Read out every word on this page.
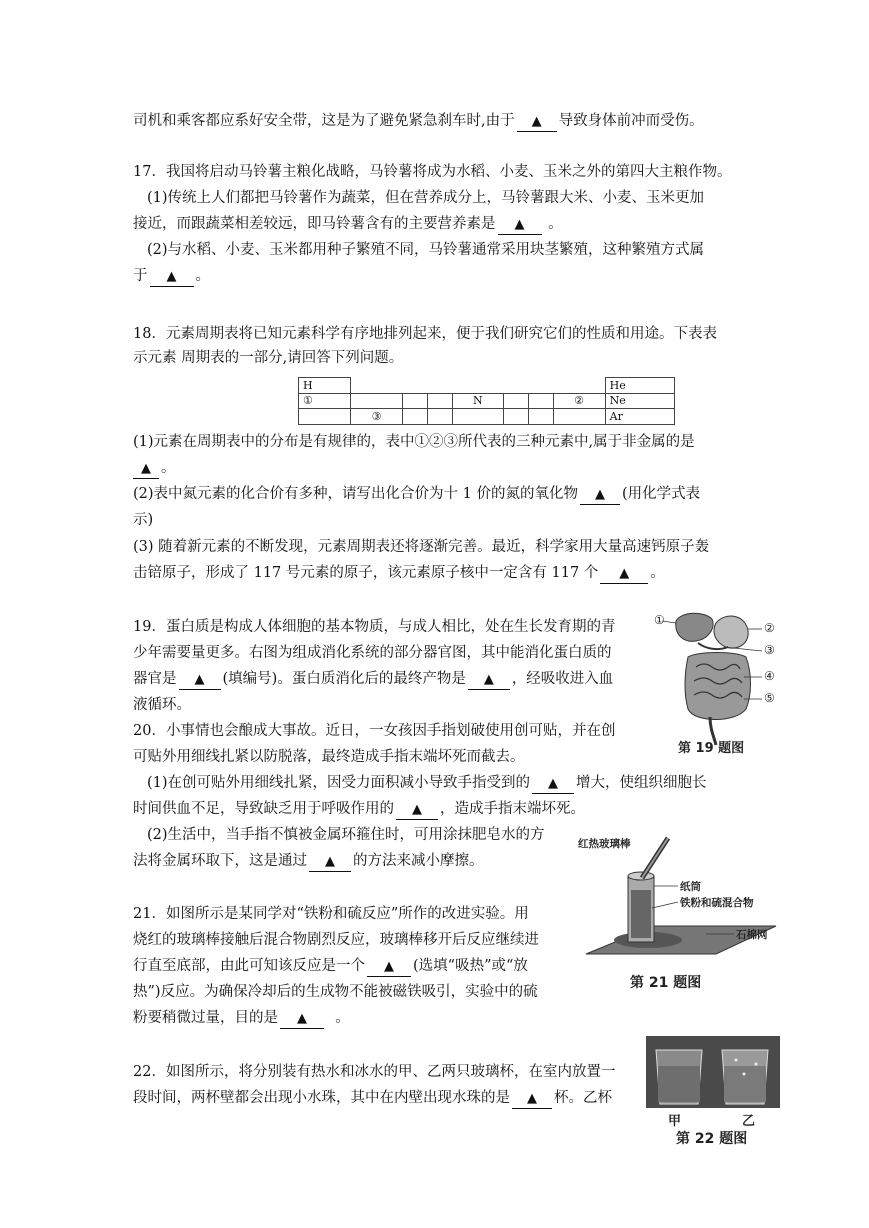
司机和乘客都应系好安全带，这是为了避免紧急刹车时,由于 ▲ 导致身体前冲而受伤。
17．我国将启动马铃薯主粮化战略，马铃薯将成为水稻、小麦、玉米之外的第四大主粮作物。
(1)传统上人们都把马铃薯作为蔬菜，但在营养成分上，马铃薯跟大米、小麦、玉米更加
接近，而跟蔬菜相差较远，即马铃薯含有的主要营养素是 ▲ 。
(2)与水稻、小麦、玉米都用种子繁殖不同，马铃薯通常采用块茎繁殖，这种繁殖方式属
于 ▲ 。
18．元素周期表将已知元素科学有序地排列起来，便于我们研究它们的性质和用途。下表表
示元素 周期表的一部分,请回答下列问题。
H								He
①				N			②	Ne
	③							Ar
(1)元素在周期表中的分布是有规律的，表中①②③所代表的三种元素中,属于非金属的是
▲ 。
(2)表中氮元素的化合价有多种，请写出化合价为十 1 价的氮的氧化物 ▲ (用化学式表
示)
(3) 随着新元素的不断发现，元素周期表还将逐渐完善。最近，科学家用大量高速钙原子轰
击锫原子，形成了 117 号元素的原子，该元素原子核中一定含有 117 个 ▲ 。
19．蛋白质是构成人体细胞的基本物质，与成人相比，处在生长发育期的青
少年需要量更多。右图为组成消化系统的部分器官图，其中能消化蛋白质的
器官是 ▲ (填编号)。蛋白质消化后的最终产物是 ▲ ，经吸收进入血
液循环。
①
②
③
④
⑤
第 19 题图
20．小事情也会酿成大事故。近日，一女孩因手指划破使用创可贴，并在创
可贴外用细线扎紧以防脱落，最终造成手指末端坏死而截去。
(1)在创可贴外用细线扎紧，因受力面积减小导致手指受到的 ▲ 增大，使组织细胞长
时间供血不足，导致缺乏用于呼吸作用的 ▲ ，造成手指末端坏死。
(2)生活中，当手指不慎被金属环箍住时，可用涂抹肥皂水的方
法将金属环取下，这是通过 ▲ 的方法来减小摩擦。
红热玻璃棒
纸筒
铁粉和硫混合物
石棉网
第 21 题图
21．如图所示是某同学对“铁粉和硫反应”所作的改进实验。用
烧红的玻璃棒接触后混合物剧烈反应，玻璃棒移开后反应继续进
行直至底部，由此可知该反应是一个 ▲ (选填“吸热”或“放
热”)反应。为确保冷却后的生成物不能被磁铁吸引，实验中的硫
粉要稍微过量，目的是 ▲ 。
甲	乙
第 22 题图
22．如图所示，将分别装有热水和冰水的甲、乙两只玻璃杯，在室内放置一
段时间，两杯壁都会出现小水珠，其中在内壁出现水珠的是 ▲ 杯。乙杯
